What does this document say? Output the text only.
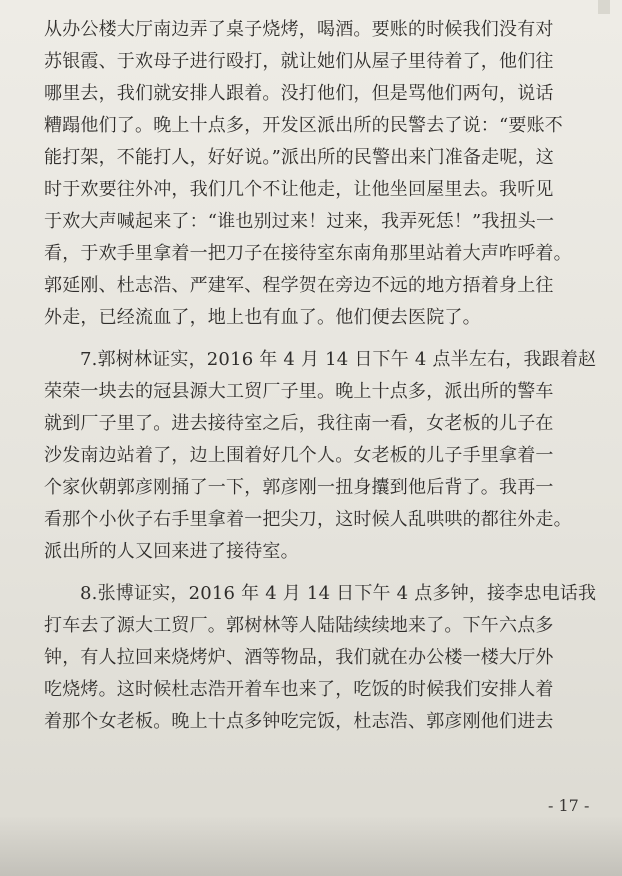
从办公楼大厅南边弄了桌子烧烤，喝酒。要账的时候我们没有对
苏银霞、于欢母子进行殴打，就让她们从屋子里待着了，他们往
哪里去，我们就安排人跟着。没打他们，但是骂他们两句，说话
糟蹋他们了。晚上十点多，开发区派出所的民警去了说：“要账不
能打架，不能打人，好好说。”派出所的民警出来门准备走呢，这
时于欢要往外冲，我们几个不让他走，让他坐回屋里去。我听见
于欢大声喊起来了：“谁也别过来！过来，我弄死恁！”我扭头一
看，于欢手里拿着一把刀子在接待室东南角那里站着大声咋呼着。
郭延刚、杜志浩、严建军、程学贺在旁边不远的地方捂着身上往
外走，已经流血了，地上也有血了。他们便去医院了。
7.郭树林证实，2016 年 4 月 14 日下午 4 点半左右，我跟着赵
荣荣一块去的冠县源大工贸厂子里。晚上十点多，派出所的警车
就到厂子里了。进去接待室之后，我往南一看，女老板的儿子在
沙发南边站着了，边上围着好几个人。女老板的儿子手里拿着一
个家伙朝郭彦刚捅了一下，郭彦刚一扭身攮到他后背了。我再一
看那个小伙子右手里拿着一把尖刀，这时候人乱哄哄的都往外走。
派出所的人又回来进了接待室。
8.张博证实，2016 年 4 月 14 日下午 4 点多钟，接李忠电话我
打车去了源大工贸厂。郭树林等人陆陆续续地来了。下午六点多
钟，有人拉回来烧烤炉、酒等物品，我们就在办公楼一楼大厅外
吃烧烤。这时候杜志浩开着车也来了，吃饭的时候我们安排人着
着那个女老板。晚上十点多钟吃完饭，杜志浩、郭彦刚他们进去
- 17 -
